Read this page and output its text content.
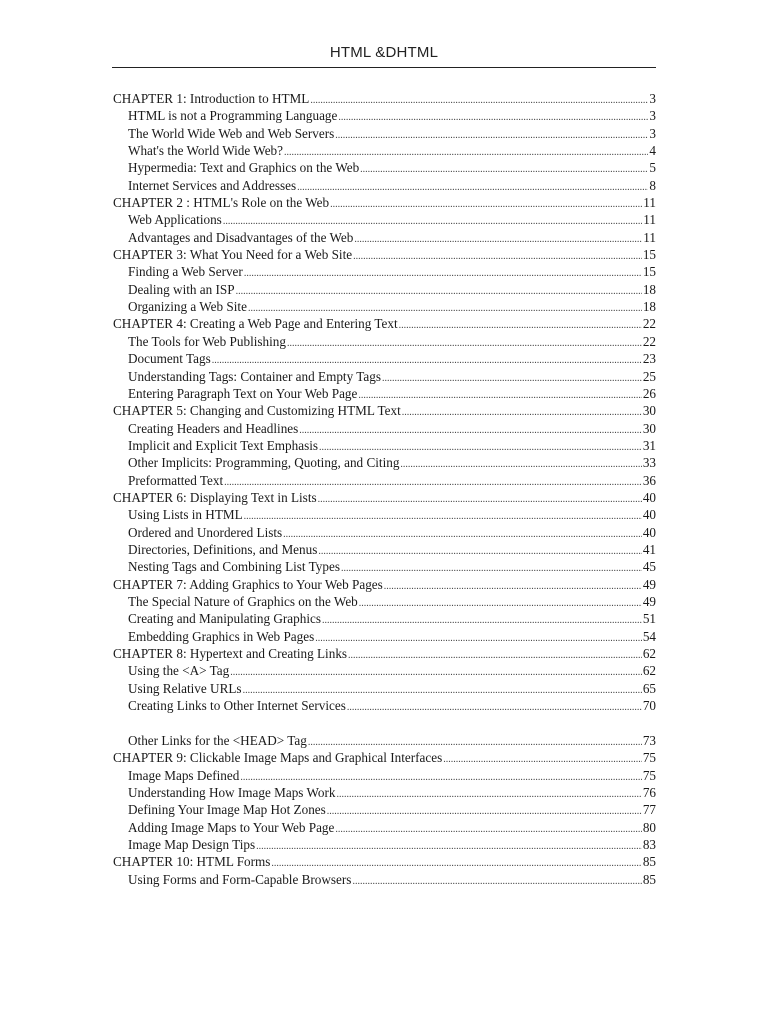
HTML &DHTML
CHAPTER 1: Introduction to HTML .....	3
HTML is not a Programming Language .....	3
The World Wide Web and Web Servers .....	3
What's the World Wide Web? .....	4
Hypermedia: Text and Graphics on the Web .....	5
Internet Services and Addresses .....	8
CHAPTER 2 : HTML's Role on the Web .....	11
Web Applications .....	11
Advantages and Disadvantages of the Web .....	11
CHAPTER 3: What You Need for a Web Site .....	15
Finding a Web Server .....	15
Dealing with an ISP .....	18
Organizing a Web Site .....	18
CHAPTER 4: Creating a Web Page and Entering Text .....	22
The Tools for Web Publishing .....	22
Document Tags .....	23
Understanding Tags: Container and Empty Tags .....	25
Entering Paragraph Text on Your Web Page .....	26
CHAPTER 5: Changing and Customizing HTML Text .....	30
Creating Headers and Headlines .....	30
Implicit and Explicit Text Emphasis .....	31
Other Implicits: Programming, Quoting, and Citing .....	33
Preformatted Text .....	36
CHAPTER 6: Displaying Text in Lists .....	40
Using Lists in HTML .....	40
Ordered and Unordered Lists .....	40
Directories, Definitions, and Menus .....	41
Nesting Tags and Combining List Types .....	45
CHAPTER 7: Adding Graphics to Your Web Pages .....	49
The Special Nature of Graphics on the Web .....	49
Creating and Manipulating Graphics .....	51
Embedding Graphics in Web Pages .....	54
CHAPTER 8: Hypertext and Creating Links .....	62
Using the <A> Tag .....	62
Using Relative URLs .....	65
Creating Links to Other Internet Services .....	70
Other Links for the <HEAD> Tag .....	73
CHAPTER 9: Clickable Image Maps and Graphical Interfaces .....	75
Image Maps Defined .....	75
Understanding How Image Maps Work .....	76
Defining Your Image Map Hot Zones .....	77
Adding Image Maps to Your Web Page .....	80
Image Map Design Tips .....	83
CHAPTER 10: HTML Forms .....	85
Using Forms and Form-Capable Browsers .....	85
